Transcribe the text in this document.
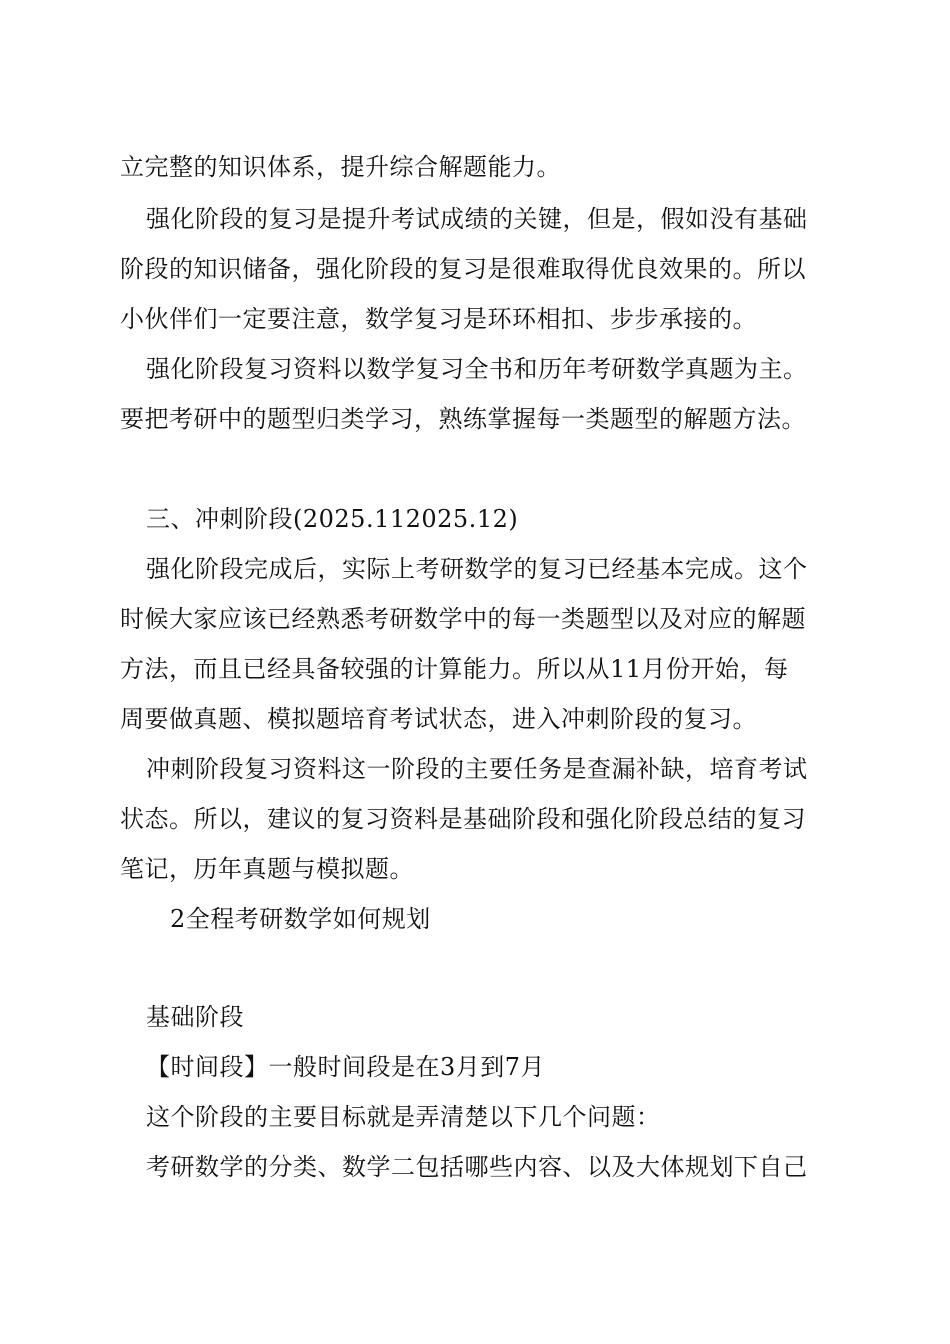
立完整的知识体系，提升综合解题能力。
强化阶段的复习是提升考试成绩的关键，但是，假如没有基础
阶段的知识储备，强化阶段的复习是很难取得优良效果的。所以
小伙伴们一定要注意，数学复习是环环相扣、步步承接的。
强化阶段复习资料以数学复习全书和历年考研数学真题为主。
要把考研中的题型归类学习，熟练掌握每一类题型的解题方法。
三、冲刺阶段(2025.112025.12)
强化阶段完成后，实际上考研数学的复习已经基本完成。这个
时候大家应该已经熟悉考研数学中的每一类题型以及对应的解题
方法，而且已经具备较强的计算能力。所以从11月份开始，每
周要做真题、模拟题培育考试状态，进入冲刺阶段的复习。
冲刺阶段复习资料这一阶段的主要任务是查漏补缺，培育考试
状态。所以，建议的复习资料是基础阶段和强化阶段总结的复习
笔记，历年真题与模拟题。
2全程考研数学如何规划
基础阶段
【时间段】一般时间段是在3月到7月
这个阶段的主要目标就是弄清楚以下几个问题：
考研数学的分类、数学二包括哪些内容、以及大体规划下自己
